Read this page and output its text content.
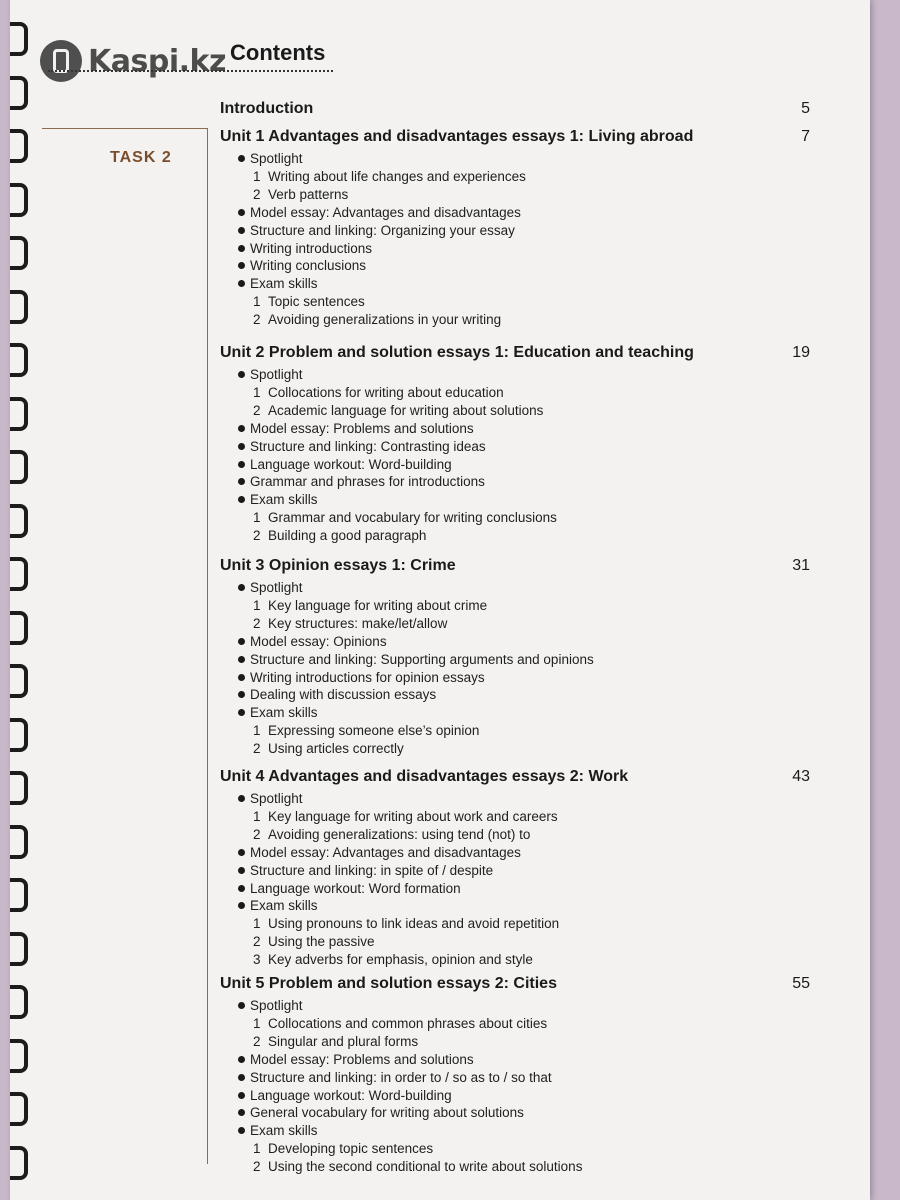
Kaspi.kz Contents
TASK 2
Introduction	5
Unit 1 Advantages and disadvantages essays 1: Living abroad	7
Spotlight
1 Writing about life changes and experiences
2 Verb patterns
Model essay: Advantages and disadvantages
Structure and linking: Organizing your essay
Writing introductions
Writing conclusions
Exam skills
1 Topic sentences
2 Avoiding generalizations in your writing
Unit 2 Problem and solution essays 1: Education and teaching	19
Spotlight
1 Collocations for writing about education
2 Academic language for writing about solutions
Model essay: Problems and solutions
Structure and linking: Contrasting ideas
Language workout: Word-building
Grammar and phrases for introductions
Exam skills
1 Grammar and vocabulary for writing conclusions
2 Building a good paragraph
Unit 3 Opinion essays 1: Crime	31
Spotlight
1 Key language for writing about crime
2 Key structures: make/let/allow
Model essay: Opinions
Structure and linking: Supporting arguments and opinions
Writing introductions for opinion essays
Dealing with discussion essays
Exam skills
1 Expressing someone else’s opinion
2 Using articles correctly
Unit 4 Advantages and disadvantages essays 2: Work	43
Spotlight
1 Key language for writing about work and careers
2 Avoiding generalizations: using tend (not) to
Model essay: Advantages and disadvantages
Structure and linking: in spite of / despite
Language workout: Word formation
Exam skills
1 Using pronouns to link ideas and avoid repetition
2 Using the passive
3 Key adverbs for emphasis, opinion and style
Unit 5 Problem and solution essays 2: Cities	55
Spotlight
1 Collocations and common phrases about cities
2 Singular and plural forms
Model essay: Problems and solutions
Structure and linking: in order to / so as to / so that
Language workout: Word-building
General vocabulary for writing about solutions
Exam skills
1 Developing topic sentences
2 Using the second conditional to write about solutions
